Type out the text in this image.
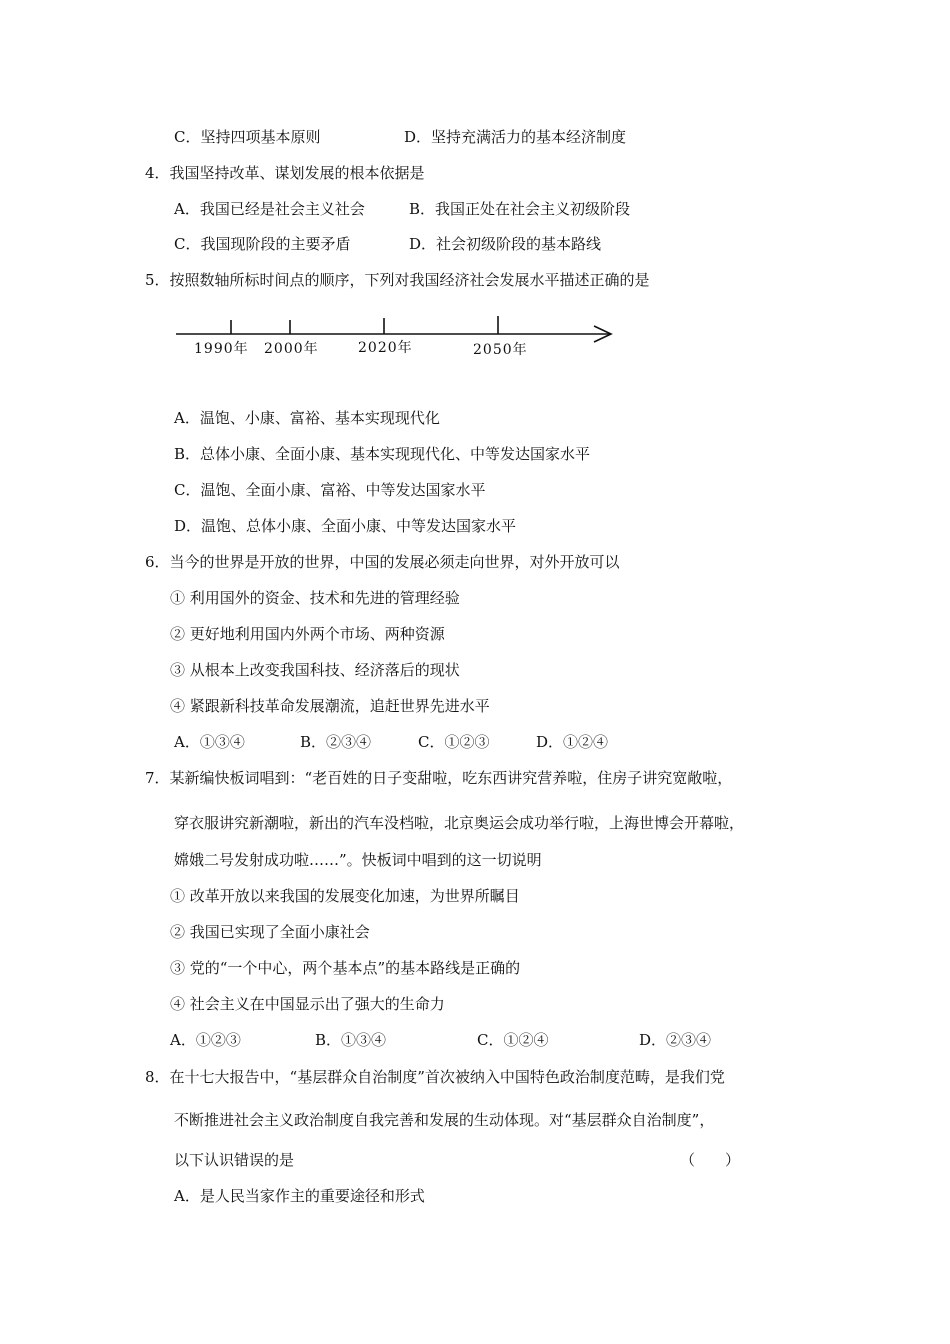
C．坚持四项基本原则	D．坚持充满活力的基本经济制度
4．我国坚持改革、谋划发展的根本依据是
A．我国已经是社会主义社会	B．我国正处在社会主义初级阶段
C．我国现阶段的主要矛盾	D．社会初级阶段的基本路线
5．按照数轴所标时间点的顺序，下列对我国经济社会发展水平描述正确的是
1990年 2000年	2020年	2050年
A．温饱、小康、富裕、基本实现现代化
B．总体小康、全面小康、基本实现现代化、中等发达国家水平
C．温饱、全面小康、富裕、中等发达国家水平
D．温饱、总体小康、全面小康、中等发达国家水平
6．当今的世界是开放的世界，中国的发展必须走向世界，对外开放可以
① 利用国外的资金、技术和先进的管理经验
② 更好地利用国内外两个市场、两种资源
③ 从根本上改变我国科技、经济落后的现状
④ 紧跟新科技革命发展潮流，追赶世界先进水平
A．①③④	B．②③④	C．①②③	D．①②④
7．某新编快板词唱到：“老百姓的日子变甜啦，吃东西讲究营养啦，住房子讲究宽敞啦，
穿衣服讲究新潮啦，新出的汽车没档啦，北京奥运会成功举行啦，上海世博会开幕啦，
嫦娥二号发射成功啦……”。快板词中唱到的这一切说明
① 改革开放以来我国的发展变化加速，为世界所瞩目
② 我国已实现了全面小康社会
③ 党的“一个中心，两个基本点”的基本路线是正确的
④ 社会主义在中国显示出了强大的生命力
A．①②③	B．①③④	C．①②④	D．②③④
8．在十七大报告中，“基层群众自治制度”首次被纳入中国特色政治制度范畴，是我们党
不断推进社会主义政治制度自我完善和发展的生动体现。对“基层群众自治制度”，
以下认识错误的是	（　　）
A．是人民当家作主的重要途径和形式
